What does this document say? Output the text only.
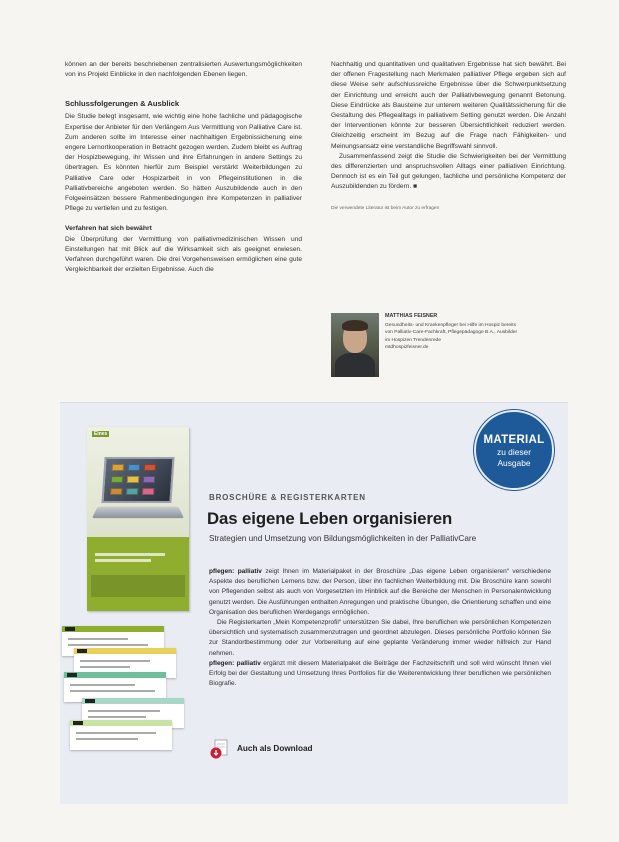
können an der bereits beschriebenen zentralisierten Auswertungsmöglichkeiten von ins Projekt Einblicke in den nachfolgenden Ebenen liegen.

Schlussfolgerungen & Ausblick

Die Studie belegt insgesamt, wie wichtig eine hohe fachliche und pädagogische Expertise der Anbieter für den Verlängern Aus Vermittlung von Palliative Care ist. Zum anderen sollte im Interesse einer nachhaltigen Ergebnissicherung eine engere Lernortkooperation in Betracht gezogen werden. Zudem bleibt es Auftrag der Hospizbewegung, ihr Wissen und ihre Erfahrungen in andere Settings zu übertragen. Es könnten hierfür zum Beispiel verstärkt Weiterbildungen zu Palliative Care oder Hospizarbeit in von Pflegeinstitutionen in die Palliativbereiche angeboten werden. So hätten Auszubildende auch in den Folgeeinsätzen bessere Rahmenbedingungen ihre Kompetenzen in palliativer Pflege zu vertiefen und zu festigen.

Verfahren hat sich bewährt

Die Überprüfung der Vermittlung von palliativmedizinischen Wissen und Einstellungen hat mit Blick auf die Wirksamkeit sich als geeignet erwiesen. Verfahren durchgeführt waren. Die drei Vorgehensweisen ermöglichen eine gute Vergleichbarkeit der erzielten Ergebnisse. Auch die

Nachhaltig und quantitativen und qualitativen Ergebnisse hat sich bewährt. Bei der offenen Fragestellung nach Merkmalen palliativer Pflege ergeben sich auf diese Weise sehr aufschlussreiche Ergebnisse über die Schwerpunktsetzung der Einrichtung und erreicht auch der Palliativbewegung genannt Betonung. Diese Eindrücke als Bausteine zur unterem weiteren Qualitätssicherung für die Gestaltung des Pflegealltags in palliativem Setting genutzt werden. Die Anzahl der Interventionen könnte zur besseren Übersichtlichkeit reduziert werden. Gleichzeitig erscheint im Bezug auf die Frage nach Fähigkeiten- und Meinungsansatz eine verstandliche Begriffswahl sinnvoll.

Zusammenfassend zeigt die Studie die Schwierigkeiten bei der Vermittlung des differenzierten und anspruchsvollen Alltags einer palliativen Einrichtung. Dennoch ist es ein Teil gut gelungen, fachliche und persönliche Kompetenz der Auszubildenden zu fördern. ■

Die verwendete Literatur ist beim Autor zu erfragen
MATTHIAS FEISNER
Gesundheits- und Krankenpfleger bei Hilfe im Hospiz bereits
von Palliativ-Care-Fachkraft, Pflegepädagoge B.A., Ausbilder
im Hospizen Trendenrede
mtdhospizfeisner.de
MATERIAL
zu dieser
Ausgabe
Eines
BROSCHÜRE & REGISTERKARTEN
Das eigene Leben organisieren
Strategien und Umsetzung von Bildungsmöglichkeiten in der PalliativCare

pflegen: palliativ zeigt Ihnen im Materialpaket in der Broschüre „Das eigene Leben organisieren“ verschiedene Aspekte des beruflichen Lernens bzw. der Person, über ihn fachlichen Weiterbildung mit. Die Broschüre kann sowohl von Pflegenden selbst als auch von Vorgesetzten im Hinblick auf die Bereiche der Menschen in Personalentwicklung genutzt werden. Die Ausführungen enthalten Anregungen und praktische Übungen, die Orientierung schaffen und eine Organisation des beruflichen Werdegangs ermöglichen.

Die Registerkarten „Mein Kompetenzprofil“ unterstützen Sie dabei, Ihre beruflichen wie persönlichen Kompetenzen übersichtlich und systematisch zusammenzutragen und geordnet abzulegen. Dieses persönliche Portfolio können Sie zur Standortbestimmung oder zur Vorbereitung auf eine geplante Veränderung immer wieder hilfreich zur Hand nehmen.

pflegen: palliativ ergänzt mit diesem Materialpaket die Beiträge der Fachzeitschrift und soll wird wünscht Ihnen viel Erfolg bei der Gestaltung und Umsetzung Ihres Portfolios für die Weiterentwicklung Ihrer beruflichen wie persönlichen Biografie.

Auch als Download
